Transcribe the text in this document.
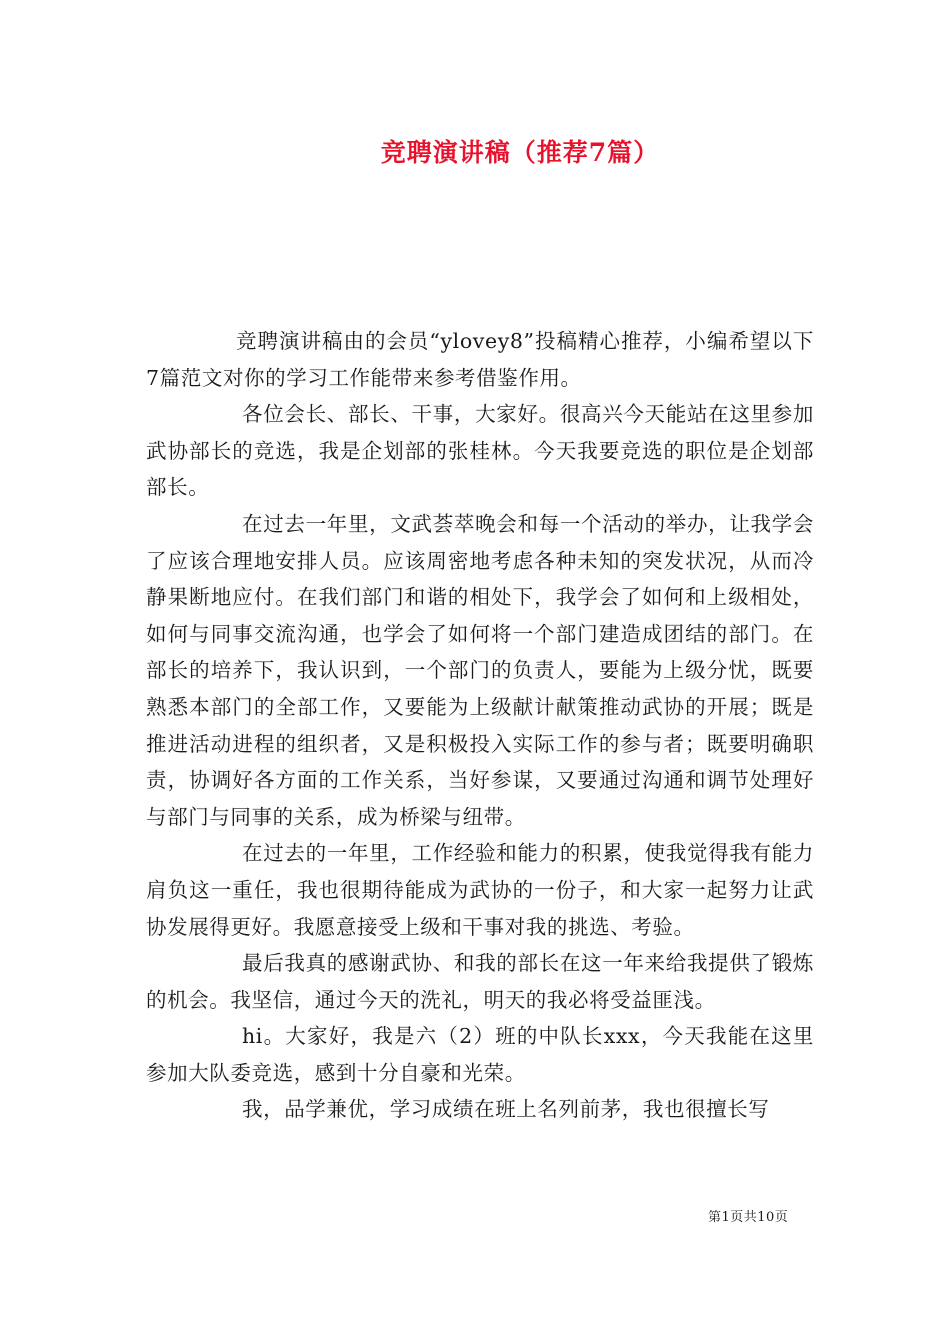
竞聘演讲稿（推荐7篇）

竞聘演讲稿由的会员“ylovey8”投稿精心推荐，小编希望以下7篇范文对你的学习工作能带来参考借鉴作用。

各位会长、部长、干事，大家好。很高兴今天能站在这里参加武协部长的竞选，我是企划部的张桂林。今天我要竞选的职位是企划部部长。

在过去一年里，文武荟萃晚会和每一个活动的举办，让我学会了应该合理地安排人员。应该周密地考虑各种未知的突发状况，从而冷静果断地应付。在我们部门和谐的相处下，我学会了如何和上级相处，如何与同事交流沟通，也学会了如何将一个部门建造成团结的部门。在部长的培养下，我认识到，一个部门的负责人，要能为上级分忧，既要熟悉本部门的全部工作，又要能为上级献计献策推动武协的开展；既是推进活动进程的组织者，又是积极投入实际工作的参与者；既要明确职责，协调好各方面的工作关系，当好参谋，又要通过沟通和调节处理好与部门与同事的关系，成为桥梁与纽带。

在过去的一年里，工作经验和能力的积累，使我觉得我有能力肩负这一重任，我也很期待能成为武协的一份子，和大家一起努力让武协发展得更好。我愿意接受上级和干事对我的挑选、考验。

最后我真的感谢武协、和我的部长在这一年来给我提供了锻炼的机会。我坚信，通过今天的洗礼，明天的我必将受益匪浅。

hi。大家好，我是六（2）班的中队长xxx，今天我能在这里参加大队委竞选，感到十分自豪和光荣。

我，品学兼优，学习成绩在班上名列前茅，我也很擅长写

第1页共10页
